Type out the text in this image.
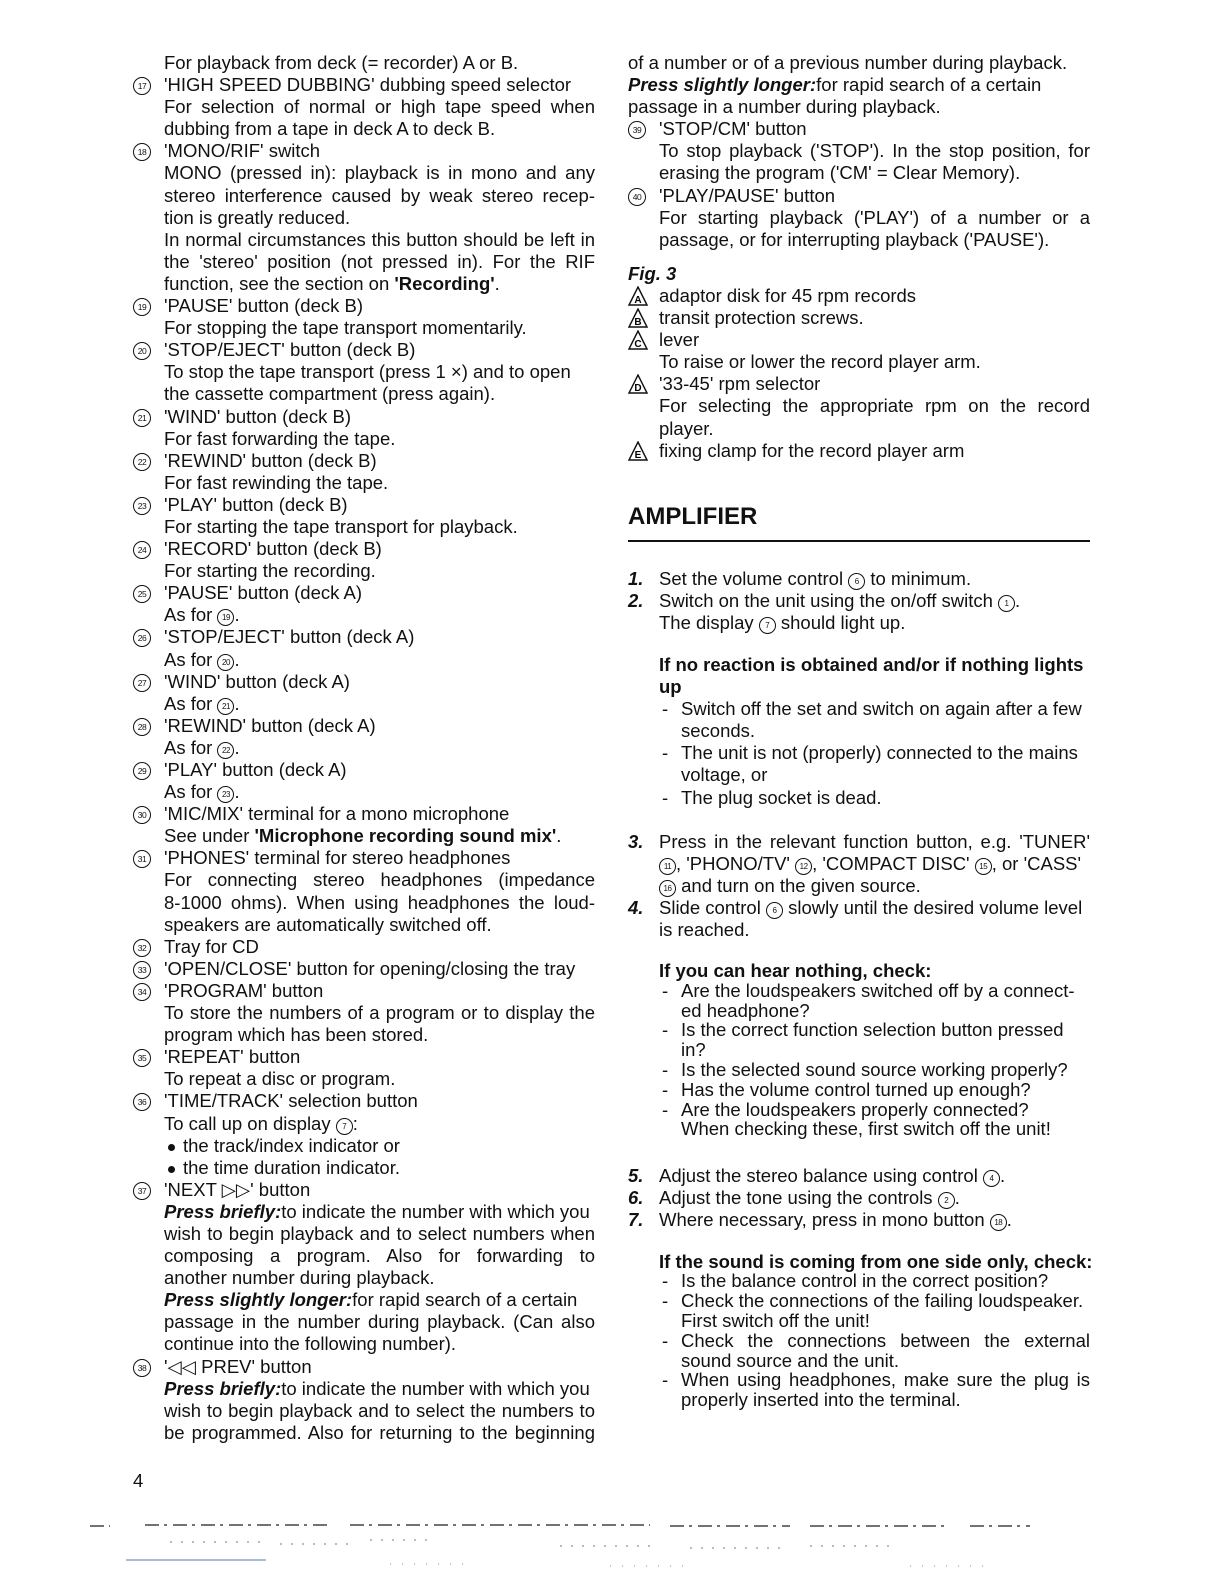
For playback from deck (= recorder) A or B.
17 'HIGH SPEED DUBBING' dubbing speed selector
For selection of normal or high tape speed when
dubbing from a tape in deck A to deck B.
18 'MONO/RIF' switch
MONO (pressed in): playback is in mono and any
stereo interference caused by weak stereo recep-
tion is greatly reduced.
In normal circumstances this button should be left in
the 'stereo' position (not pressed in). For the RIF
function, see the section on 'Recording'.
19 'PAUSE' button (deck B)
For stopping the tape transport momentarily.
20 'STOP/EJECT' button (deck B)
To stop the tape transport (press 1 ×) and to open
the cassette compartment (press again).
21 'WIND' button (deck B)
For fast forwarding the tape.
22 'REWIND' button (deck B)
For fast rewinding the tape.
23 'PLAY' button (deck B)
For starting the tape transport for playback.
24 'RECORD' button (deck B)
For starting the recording.
25 'PAUSE' button (deck A)
As for 19 .
26 'STOP/EJECT' button (deck A)
As for 20 .
27 'WIND' button (deck A)
As for 21 .
28 'REWIND' button (deck A)
As for 22 .
29 'PLAY' button (deck A)
As for 23 .
30 'MIC/MIX' terminal for a mono microphone
See under 'Microphone recording sound mix'.
31 'PHONES' terminal for stereo headphones
For connecting stereo headphones (impedance
8-1000 ohms). When using headphones the loud-
speakers are automatically switched off.
32 Tray for CD
33 'OPEN/CLOSE' button for opening/closing the tray
34 'PROGRAM' button
To store the numbers of a program or to display the
program which has been stored.
35 'REPEAT' button
To repeat a disc or program.
36 'TIME/TRACK' selection button
To call up on display 7 :
the track/index indicator or
the time duration indicator.
37 'NEXT ▷▷' button
Press briefly:to indicate the number with which you
wish to begin playback and to select numbers when
composing a program. Also for forwarding to
another number during playback.
Press slightly longer:for rapid search of a certain
passage in the number during playback. (Can also
continue into the following number).
38 '◁◁ PREV' button
Press briefly:to indicate the number with which you
wish to begin playback and to select the numbers to
be programmed. Also for returning to the beginning
of a number or of a previous number during playback.
Press slightly longer:for rapid search of a certain
passage in a number during playback.
39 'STOP/CM' button
To stop playback ('STOP'). In the stop position, for
erasing the program ('CM' = Clear Memory).
40 'PLAY/PAUSE' button
For starting playback ('PLAY') of a number or a
passage, or for interrupting playback ('PAUSE').
Fig. 3
A adaptor disk for 45 rpm records
B transit protection screws.
C lever
To raise or lower the record player arm.
D '33-45' rpm selector
For selecting the appropriate rpm on the record
player.
E fixing clamp for the record player arm
AMPLIFIER
1. Set the volume control 6 to minimum.
2. Switch on the unit using the on/off switch 1 .
The display 7 should light up.
If no reaction is obtained and/or if nothing lights
up
- Switch off the set and switch on again after a few
seconds.
- The unit is not (properly) connected to the mains
voltage, or
- The plug socket is dead.
3. Press in the relevant function button, e.g. 'TUNER'
11 , 'PHONO/TV' 12 , 'COMPACT DISC' 15 , or 'CASS'
16 and turn on the given source.
4. Slide control 6 slowly until the desired volume level
is reached.
If you can hear nothing, check:
- Are the loudspeakers switched off by a connect-
ed headphone?
- Is the correct function selection button pressed
in?
- Is the selected sound source working properly?
- Has the volume control turned up enough?
- Are the loudspeakers properly connected?
When checking these, first switch off the unit!
5. Adjust the stereo balance using control 4 .
6. Adjust the tone using the controls 2 .
7. Where necessary, press in mono button 18 .
If the sound is coming from one side only, check:
- Is the balance control in the correct position?
- Check the connections of the failing loudspeaker.
First switch off the unit!
- Check the connections between the external
sound source and the unit.
- When using headphones, make sure the plug is
properly inserted into the terminal.
4
